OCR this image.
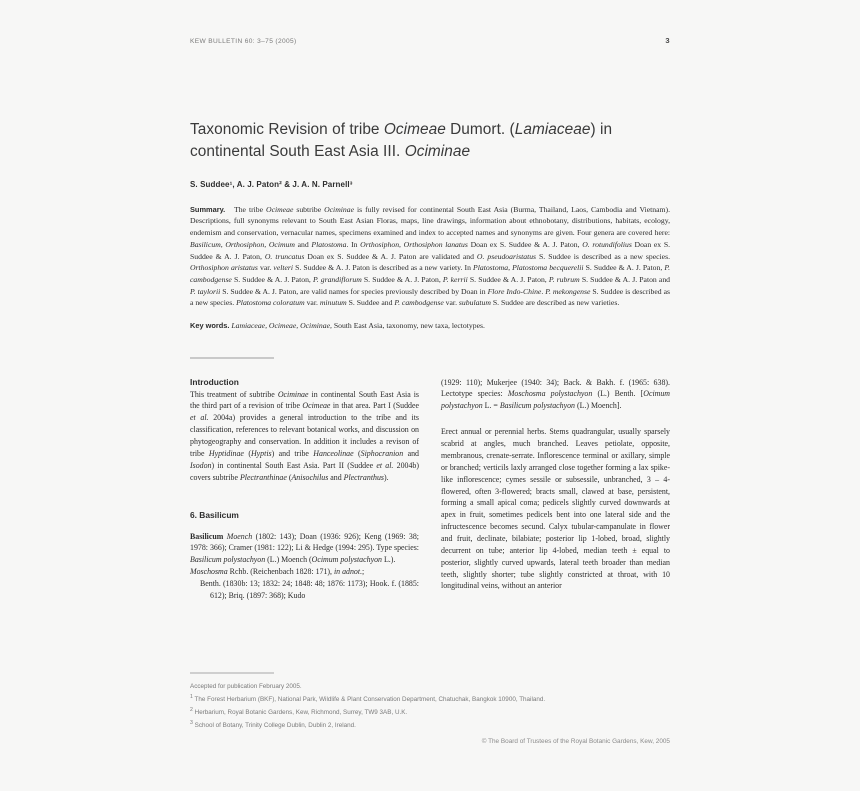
KEW BULLETIN 60: 3–75 (2005)	3
Taxonomic Revision of tribe Ocimeae Dumort. (Lamiaceae) in
continental South East Asia III. Ociminae
S. Suddee¹, A. J. Paton² & J. A. N. Parnell³
Summary.   The tribe Ocimeae subtribe Ociminae is fully revised for continental South East Asia (Burma, Thailand, Laos, Cambodia and Vietnam). Descriptions, full synonyms relevant to South East Asian Floras, maps, line drawings, information about ethnobotany, distributions, habitats, ecology, endemism and conservation, vernacular names, specimens examined and index to accepted names and synonyms are given. Four genera are covered here: Basilicum, Orthosiphon, Ocimum and Platostoma. In Orthosiphon, Orthosiphon lanatus Doan ex S. Suddee & A. J. Paton, O. rotundifolius Doan ex S. Suddee & A. J. Paton, O. truncatus Doan ex S. Suddee & A. J. Paton are validated and O. pseudoaristatus S. Suddee is described as a new species. Orthosiphon aristatus var. velteri S. Suddee & A. J. Paton is described as a new variety. In Platostoma, Platostoma becquerelii S. Suddee & A. J. Paton, P. cambodgense S. Suddee & A. J. Paton, P. grandiflorum S. Suddee & A. J. Paton, P. kerrii S. Suddee & A. J. Paton, P. rubrum S. Suddee & A. J. Paton and P. taylorii S. Suddee & A. J. Paton, are valid names for species previously described by Doan in Flore Indo-Chine. P. mekongense S. Suddee is described as a new species. Platostoma coloratum var. minutum S. Suddee and P. cambodgense var. subulatum S. Suddee are described as new varieties.
Key words. Lamiaceae, Ocimeae, Ociminae, South East Asia, taxonomy, new taxa, lectotypes.
Introduction

This treatment of subtribe Ociminae in continental South East Asia is the third part of a revision of tribe Ocimeae in that area. Part I (Suddee et al. 2004a) provides a general introduction to the tribe and its classification, references to relevant botanical works, and discussion on phytogeography and conservation. In addition it includes a revison of tribe Hyptidinae (Hyptis) and tribe Hanceolinae (Siphocranion and Isodon) in continental South East Asia. Part II (Suddee et al. 2004b) covers subtribe Plectranthinae (Anisochilus and Plectranthus).

6. Basilicum

Basilicum Moench (1802: 143); Doan (1936: 926); Keng (1969: 38; 1978: 366); Cramer (1981: 122); Li & Hedge (1994: 295). Type species: Basilicum polystachyon (L.) Moench (Ocimum polystachyon L.).

Moschosma Rchb. (Reichenbach 1828: 171), in adnot.;

Benth. (1830b: 13; 1832: 24; 1848: 48; 1876: 1173); Hook. f. (1885: 612); Briq. (1897: 368); Kudo

(1929: 110); Mukerjee (1940: 34); Back. & Bakh. f. (1965: 638). Lectotype species: Moschosma polystachyon (L.) Benth. [Ocimum polystachyon L. = Basilicum polystachyon (L.) Moench].

Erect annual or perennial herbs. Stems quadrangular, usually sparsely scabrid at angles, much branched. Leaves petiolate, opposite, membranous, crenate-serrate. Inflorescence terminal or axillary, simple or branched; verticils laxly arranged close together forming a lax spike-like inflorescence; cymes sessile or subsessile, unbranched, 3 – 4-flowered, often 3-flowered; bracts small, clawed at base, persistent, forming a small apical coma; pedicels slightly curved downwards at apex in fruit, sometimes pedicels bent into one lateral side and the infructescence becomes secund. Calyx tubular-campanulate in flower and fruit, declinate, bilabiate; posterior lip 1-lobed, broad, slightly decurrent on tube; anterior lip 4-lobed, median teeth ± equal to posterior, slightly curved upwards, lateral teeth broader than median teeth, slightly shorter; tube slightly constricted at throat, with 10 longitudinal veins, without an anterior

Accepted for publication February 2005.
$^1$ The Forest Herbarium (BKF), National Park, Wildlife & Plant Conservation Department, Chatuchak, Bangkok 10900, Thailand.
$^2$ Herbarium, Royal Botanic Gardens, Kew, Richmond, Surrey, TW9 3AB, U.K.
$^3$ School of Botany, Trinity College Dublin, Dublin 2, Ireland.
© The Board of Trustees of the Royal Botanic Gardens, Kew, 2005
